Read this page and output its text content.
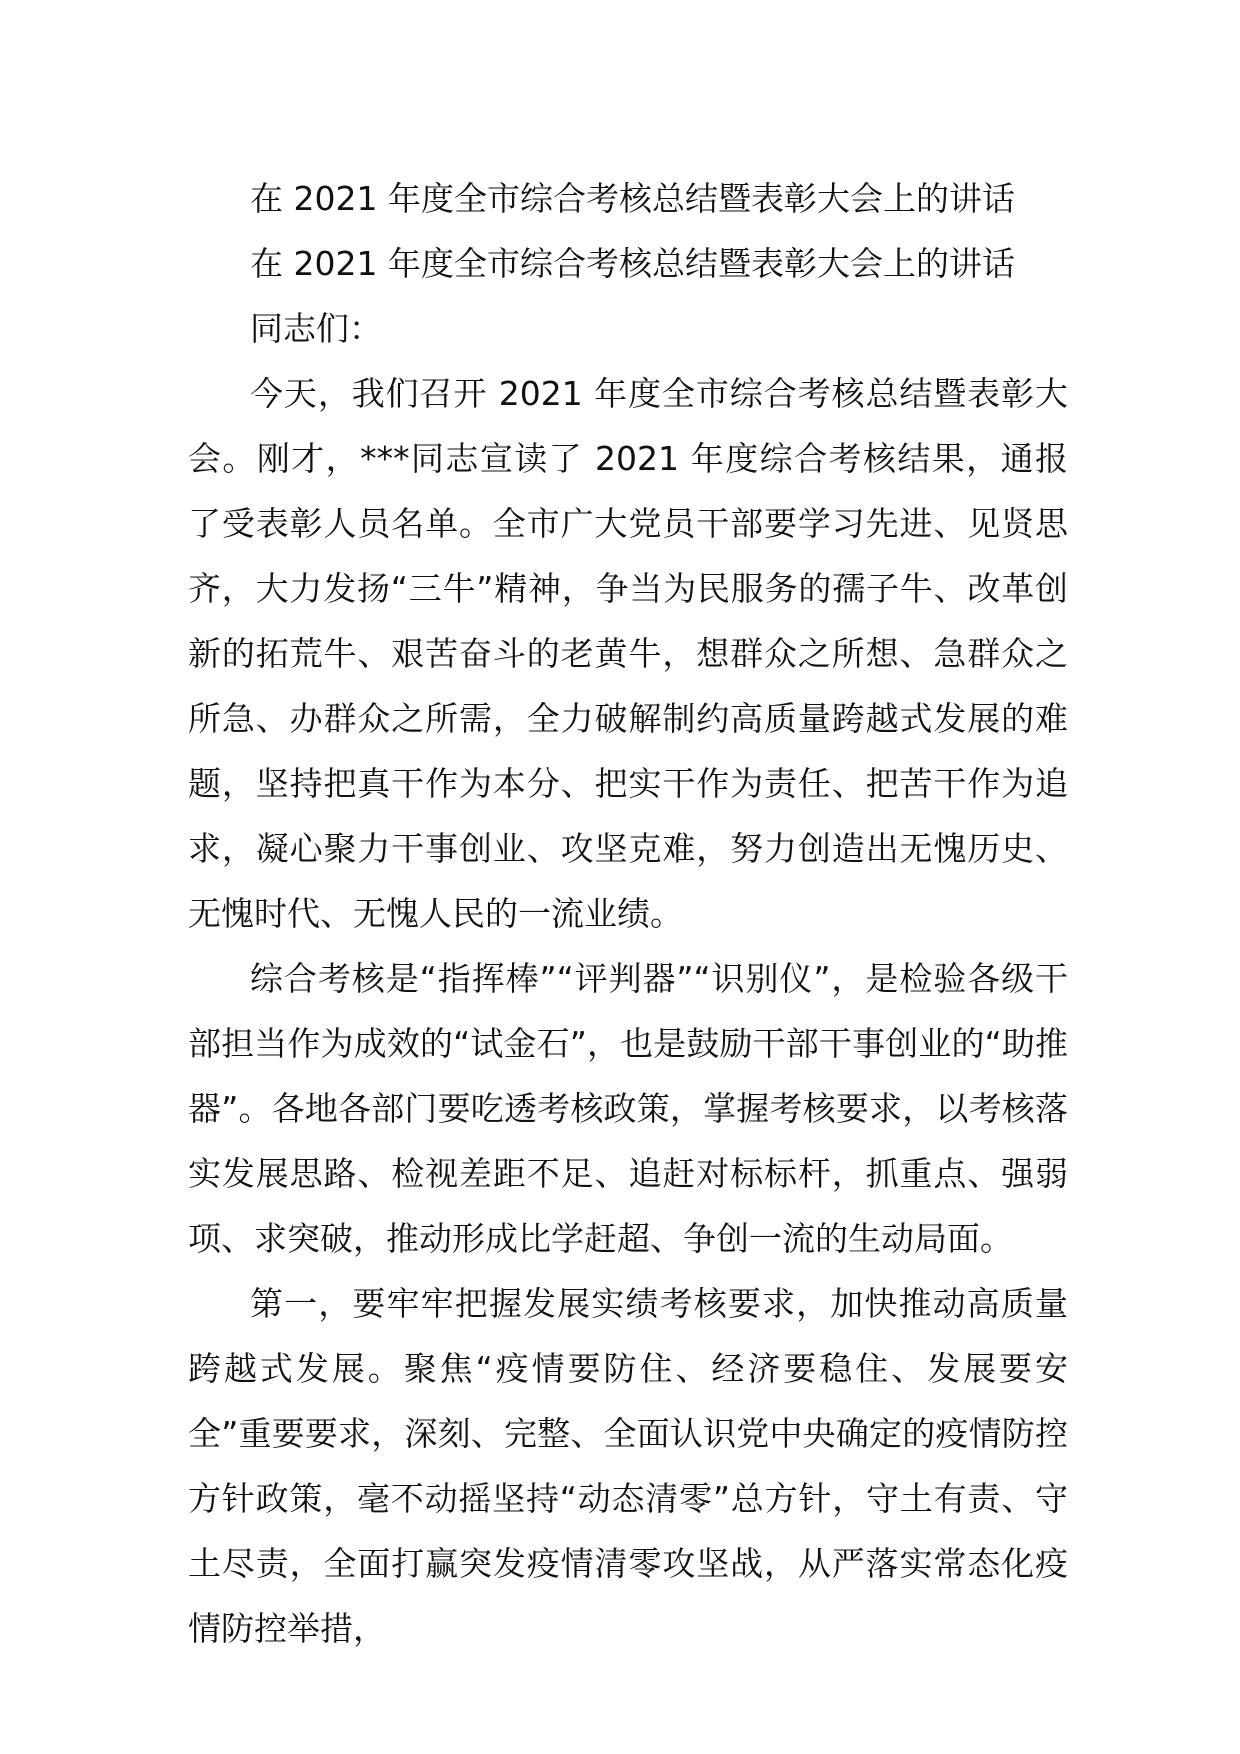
在 2021 年度全市综合考核总结暨表彰大会上的讲话

在 2021 年度全市综合考核总结暨表彰大会上的讲话

同志们：

今天，我们召开 2021 年度全市综合考核总结暨表彰大会。刚才，***同志宣读了 2021 年度综合考核结果，通报了受表彰人员名单。全市广大党员干部要学习先进、见贤思齐，大力发扬“三牛”精神，争当为民服务的孺子牛、改革创新的拓荒牛、艰苦奋斗的老黄牛，想群众之所想、急群众之所急、办群众之所需，全力破解制约高质量跨越式发展的难题，坚持把真干作为本分、把实干作为责任、把苦干作为追求，凝心聚力干事创业、攻坚克难，努力创造出无愧历史、无愧时代、无愧人民的一流业绩。

综合考核是“指挥棒”“评判器”“识别仪”，是检验各级干部担当作为成效的“试金石”，也是鼓励干部干事创业的“助推器”。各地各部门要吃透考核政策，掌握考核要求，以考核落实发展思路、检视差距不足、追赶对标标杆，抓重点、强弱项、求突破，推动形成比学赶超、争创一流的生动局面。

第一，要牢牢把握发展实绩考核要求，加快推动高质量跨越式发展。聚焦“疫情要防住、经济要稳住、发展要安全”重要要求，深刻、完整、全面认识党中央确定的疫情防控方针政策，毫不动摇坚持“动态清零”总方针，守土有责、守土尽责，全面打赢突发疫情清零攻坚战，从严落实常态化疫情防控举措，
